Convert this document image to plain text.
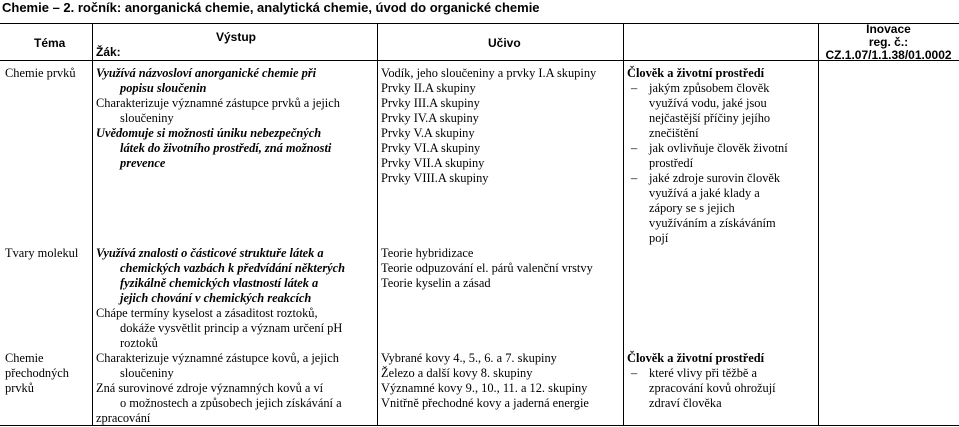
Chemie – 2. ročník: anorganická chemie, analytická chemie, úvod do organické chemie
Téma	Výstup
Žák:
Učivo
Inovace
reg. č.:
CZ.1.07/1.1.38/01.0002
Chemie prvků Využívá názvosloví anorganické chemie při
popisu sloučenin
Charakterizuje významné zástupce prvků a jejich
sloučeniny
Uvědomuje si možnosti úniku nebezpečných
látek do životního prostředí, zná možnosti
prevence
Vodík, jeho sloučeniny a prvky I.A skupiny
Prvky II.A skupiny
Prvky III.A skupiny
Prvky IV.A skupiny
Prvky V.A skupiny
Prvky VI.A skupiny
Prvky VII.A skupiny
Prvky VIII.A skupiny
Člověk a životní prostředí
– jakým způsobem člověk
využívá vodu, jaké jsou
nejčastější příčiny jejího
znečištění
– jak ovlivňuje člověk životní
prostředí
– jaké zdroje surovin člověk
využívá a jaké klady a
zápory se s jejich
využíváním a získáváním
pojí
Tvary molekul Využívá znalosti o částicové struktuře látek a
chemických vazbách k předvídání některých
fyzikálně chemických vlastností látek a
jejich chování v chemických reakcích
Chápe termíny kyselost a zásaditost roztoků,
dokáže vysvětlit princip a význam určení pH
roztoků
Teorie hybridizace
Teorie odpuzování el. párů valenční vrstvy
Teorie kyselin a zásad
Chemie
přechodných
prvků
Charakterizuje významné zástupce kovů, a jejich
sloučeniny
Zná surovinové zdroje významných kovů a ví
o možnostech a způsobech jejich získávání a
zpracování
Vybrané kovy 4., 5., 6. a 7. skupiny
Železo a další kovy 8. skupiny
Významné kovy 9., 10., 11. a 12. skupiny
Vnitřně přechodné kovy a jaderná energie
Člověk a životní prostředí
– které vlivy při těžbě a
zpracování kovů ohrožují
zdraví člověka
